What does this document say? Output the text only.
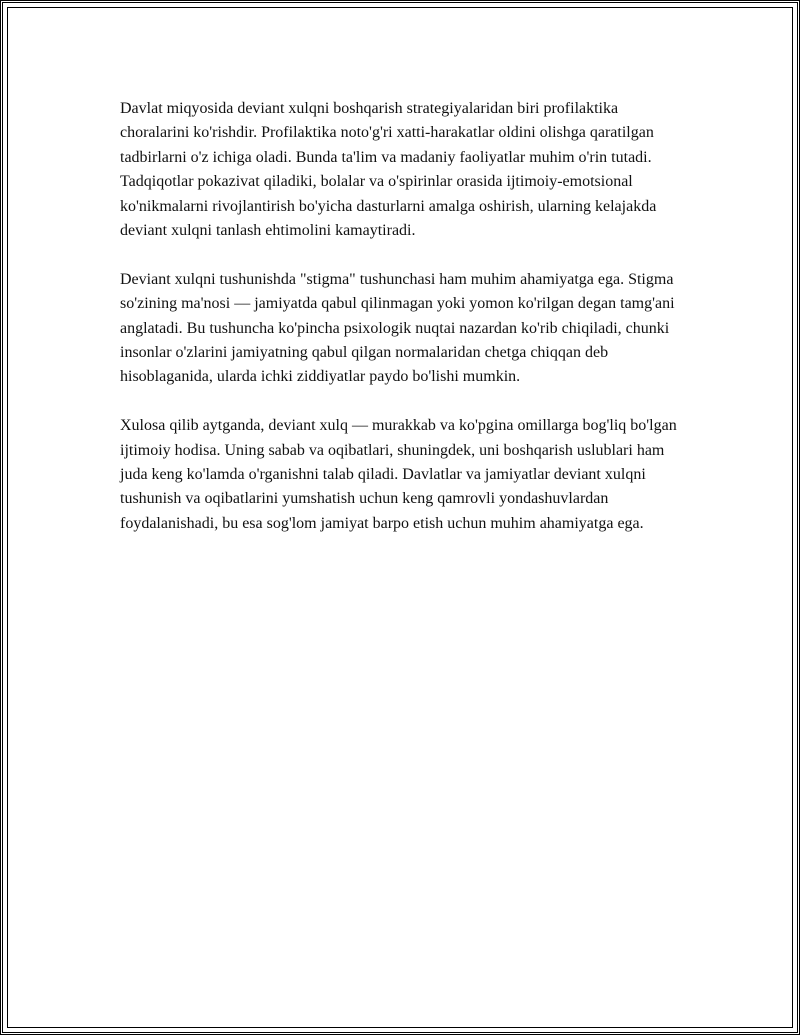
Davlat miqyosida deviant xulqni boshqarish strategiyalaridan biri profilaktika choralarini ko'rishdir. Profilaktika noto'g'ri xatti-harakatlar oldini olishga qaratilgan tadbirlarni o'z ichiga oladi. Bunda ta'lim va madaniy faoliyatlar muhim o'rin tutadi. Tadqiqotlar pokazivat qiladiki, bolalar va o'spirinlar orasida ijtimoiy-emotsional ko'nikmalarni rivojlantirish bo'yicha dasturlarni amalga oshirish, ularning kelajakda deviant xulqni tanlash ehtimolini kamaytiradi.

Deviant xulqni tushunishda "stigma" tushunchasi ham muhim ahamiyatga ega. Stigma so'zining ma'nosi — jamiyatda qabul qilinmagan yoki yomon ko'rilgan degan tamg'ani anglatadi. Bu tushuncha ko'pincha psixologik nuqtai nazardan ko'rib chiqiladi, chunki insonlar o'zlarini jamiyatning qabul qilgan normalaridan chetga chiqqan deb hisoblaganida, ularda ichki ziddiyatlar paydo bo'lishi mumkin.

Xulosa qilib aytganda, deviant xulq — murakkab va ko'pgina omillarga bog'liq bo'lgan ijtimoiy hodisa. Uning sabab va oqibatlari, shuningdek, uni boshqarish uslublari ham juda keng ko'lamda o'rganishni talab qiladi. Davlatlar va jamiyatlar deviant xulqni tushunish va oqibatlarini yumshatish uchun keng qamrovli yondashuvlardan foydalanishadi, bu esa sog'lom jamiyat barpo etish uchun muhim ahamiyatga ega.
